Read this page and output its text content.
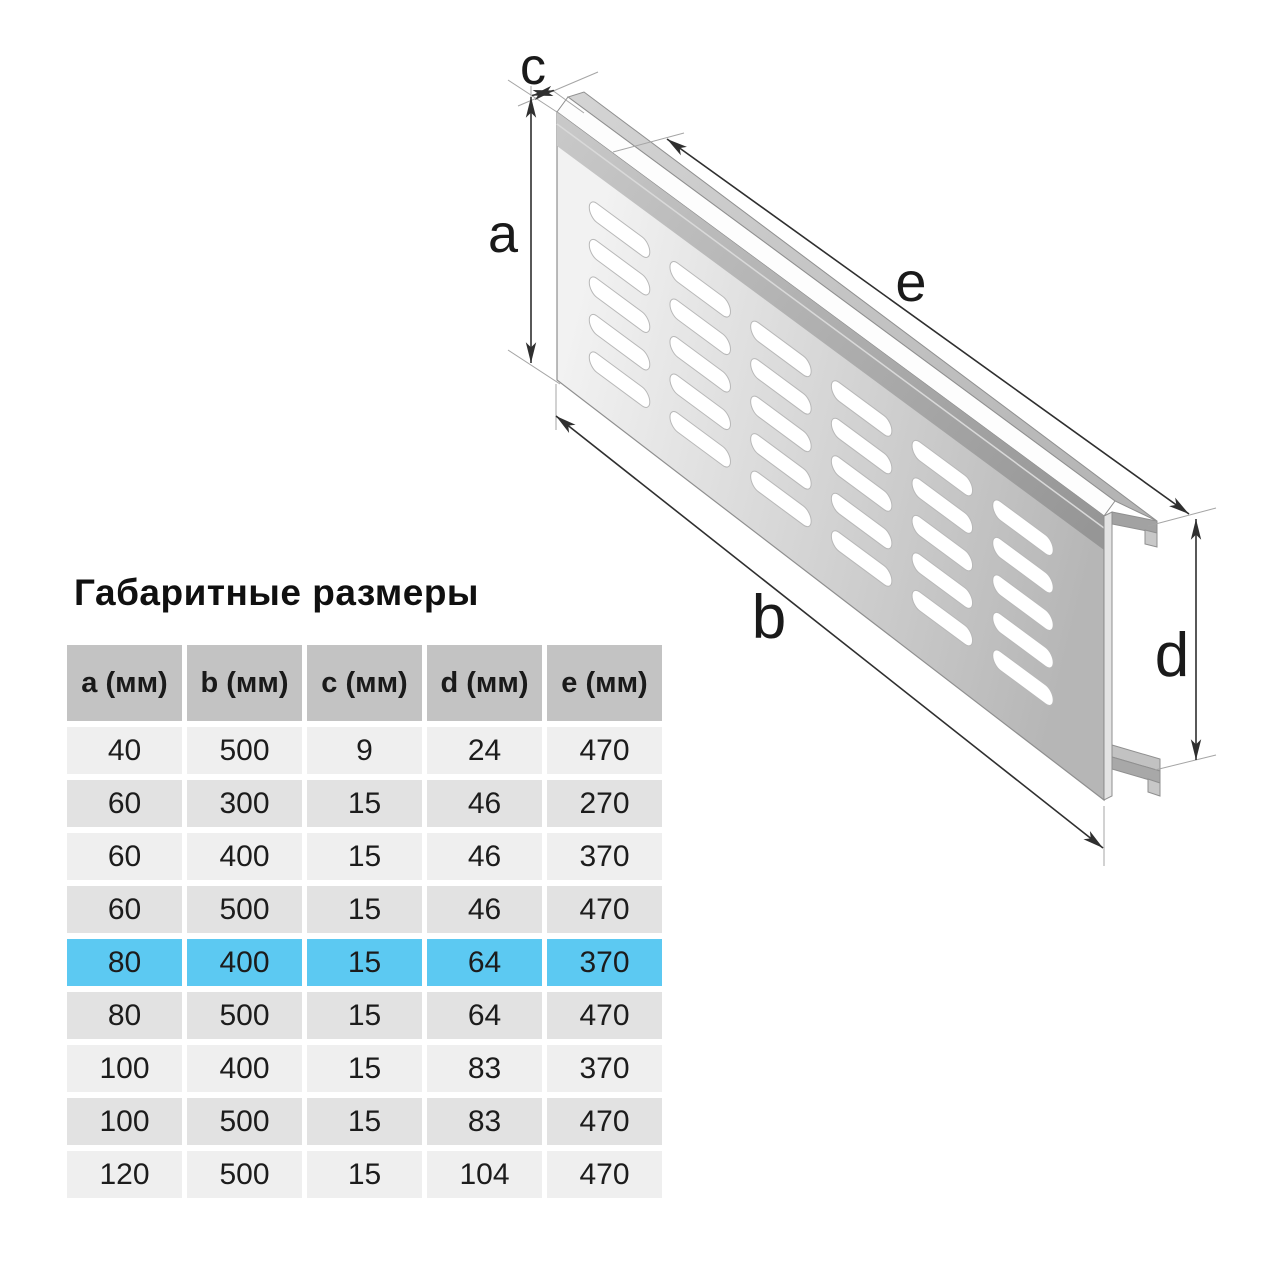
a
c
e
b
d
Габаритные размеры
a (мм)	b (мм)	c (мм)	d (мм)	e (мм)
40	500	9	24	470
60	300	15	46	270
60	400	15	46	370
60	500	15	46	470
80	400	15	64	370
80	500	15	64	470
100	400	15	83	370
100	500	15	83	470
120	500	15	104	470
